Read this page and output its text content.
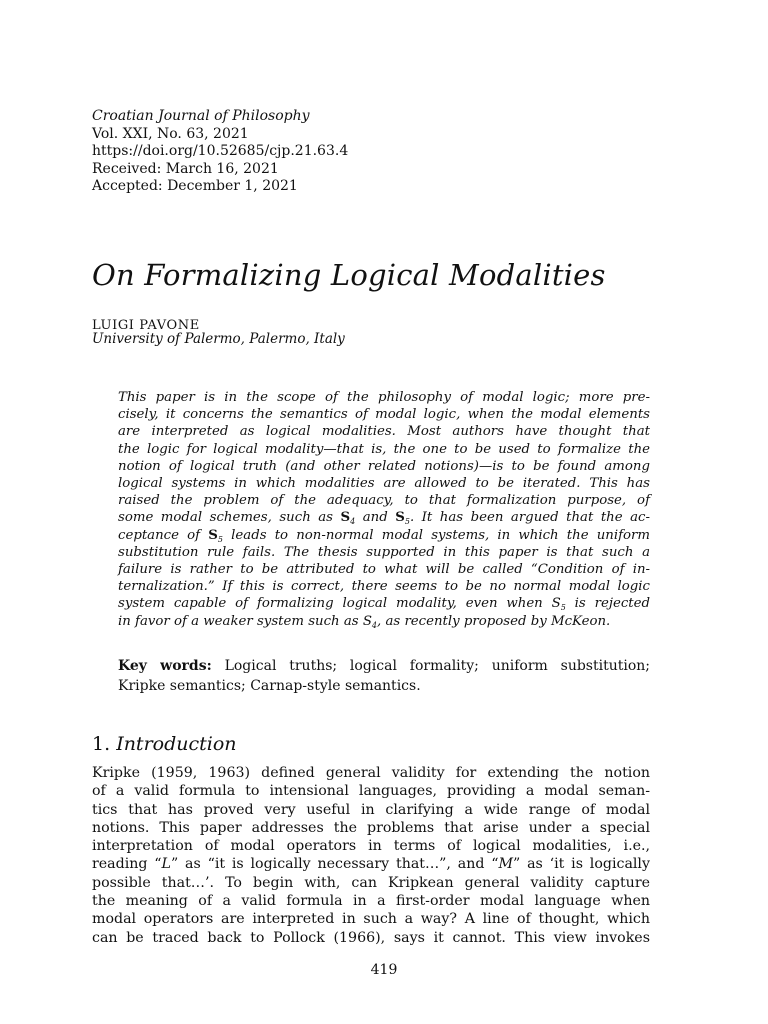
Croatian Journal of Philosophy
Vol. XXI, No. 63, 2021
https://doi.org/10.52685/cjp.21.63.4
Received: March 16, 2021
Accepted: December 1, 2021
On Formalizing Logical Modalities
LUIGI PAVONE
University of Palermo, Palermo, Italy
This paper is in the scope of the philosophy of modal logic; more pre-
cisely, it concerns the semantics of modal logic, when the modal elements
are interpreted as logical modalities. Most authors have thought that
the logic for logical modality—that is, the one to be used to formalize the
notion of logical truth (and other related notions)—is to be found among
logical systems in which modalities are allowed to be iterated. This has
raised the problem of the adequacy, to that formalization purpose, of
some modal schemes, such as $S_4$ and $S_5$. It has been argued that the ac-
ceptance of $S_5$ leads to non-normal modal systems, in which the uniform
substitution rule fails. The thesis supported in this paper is that such a
failure is rather to be attributed to what will be called “Condition of in-
ternalization.” If this is correct, there seems to be no normal modal logic
system capable of formalizing logical modality, even when $S_5$ is rejected
in favor of a weaker system such as $S_4$, as recently proposed by McKeon.
Key words: Logical truths; logical formality; uniform substitution;
Kripke semantics; Carnap-style semantics.
1. Introduction
Kripke (1959, 1963) defined general validity for extending the notion
of a valid formula to intensional languages, providing a modal seman-
tics that has proved very useful in clarifying a wide range of modal
notions. This paper addresses the problems that arise under a special
interpretation of modal operators in terms of logical modalities, i.e.,
reading “L” as “it is logically necessary that…”, and “M” as ‘it is logically
possible that…’. To begin with, can Kripkean general validity capture
the meaning of a valid formula in a first-order modal language when
modal operators are interpreted in such a way? A line of thought, which
can be traced back to Pollock (1966), says it cannot. This view invokes
419
